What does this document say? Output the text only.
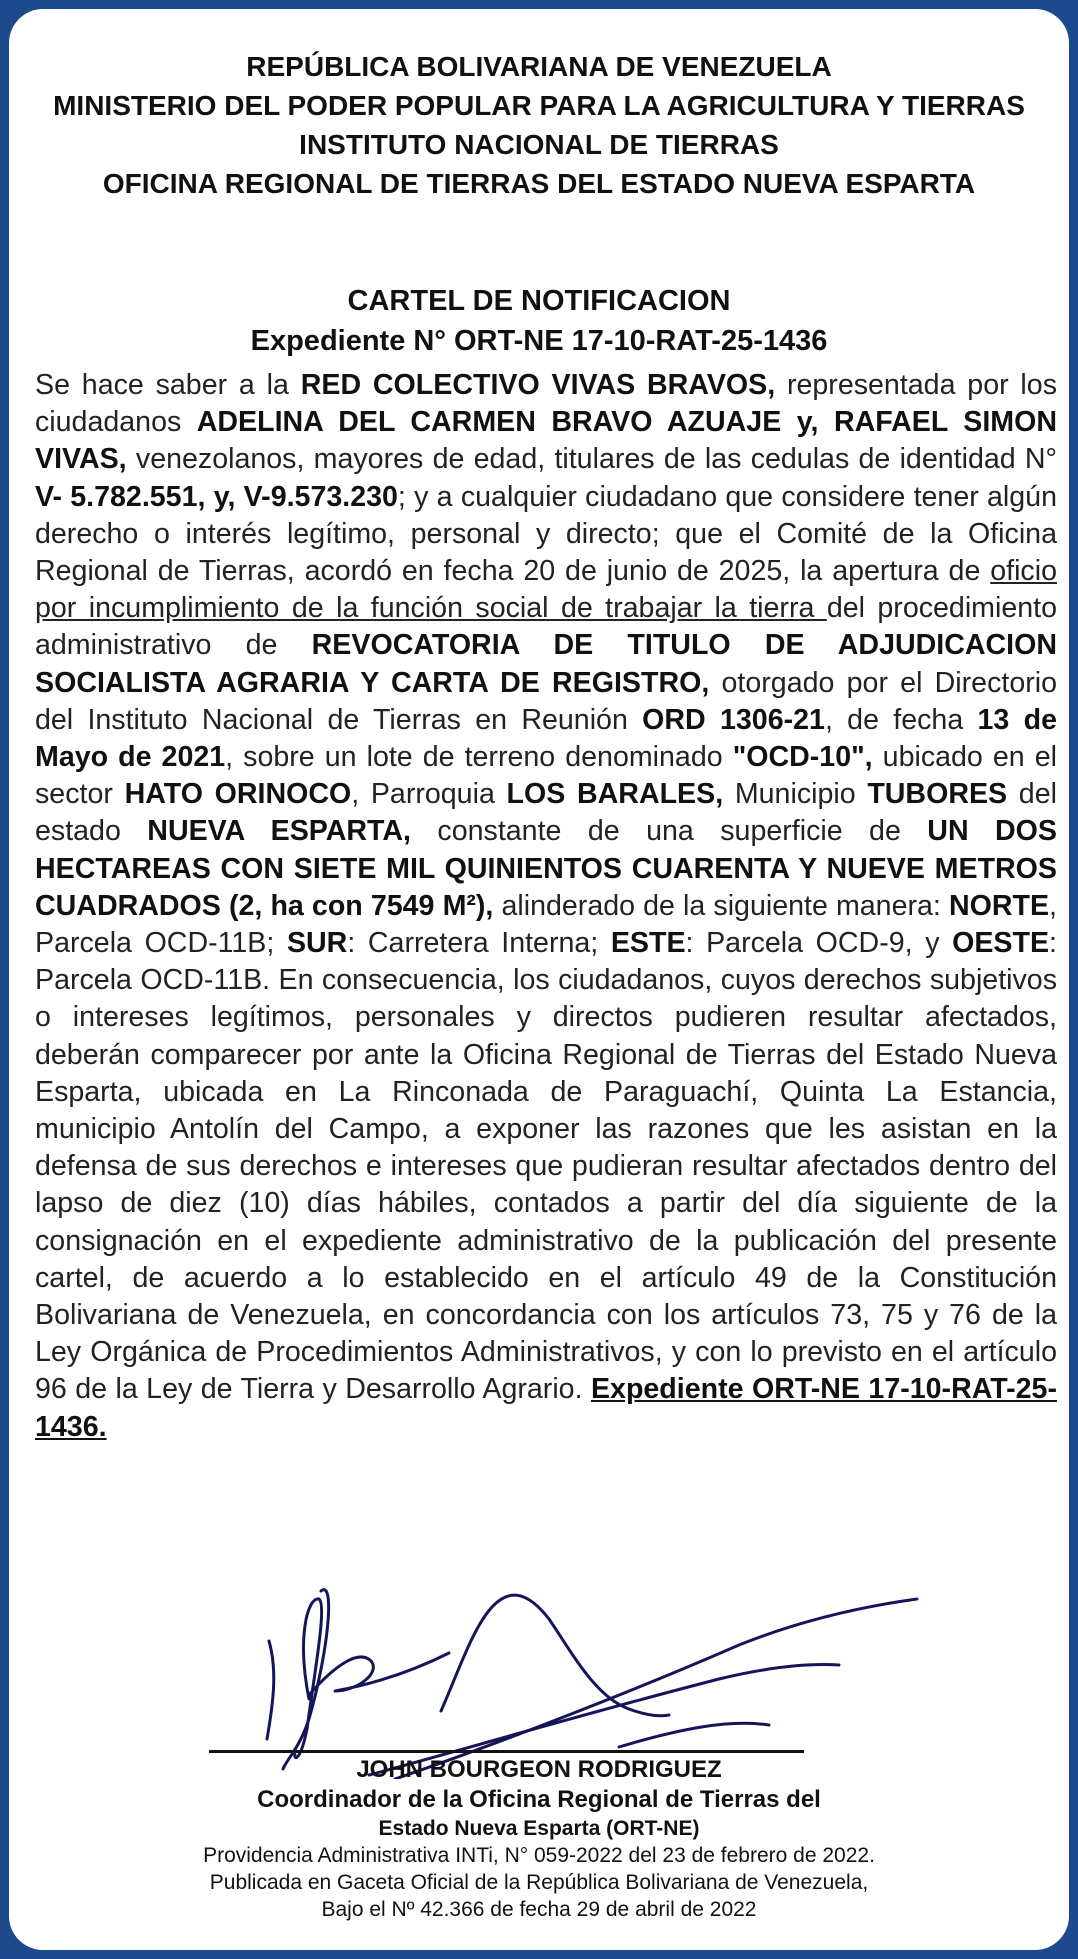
REPÚBLICA BOLIVARIANA DE VENEZUELA
MINISTERIO DEL PODER POPULAR PARA LA AGRICULTURA Y TIERRAS
INSTITUTO NACIONAL DE TIERRAS
OFICINA REGIONAL DE TIERRAS DEL ESTADO NUEVA ESPARTA
CARTEL DE NOTIFICACION
Expediente N° ORT-NE 17-10-RAT-25-1436
Se hace saber a la RED COLECTIVO VIVAS BRAVOS, representada por los ciudadanos ADELINA DEL CARMEN BRAVO AZUAJE y, RAFAEL SIMON VIVAS, venezolanos, mayores de edad, titulares de las cedulas de identidad N° V- 5.782.551, y, V-9.573.230; y a cualquier ciudadano que considere tener algún derecho o interés legítimo, personal y directo; que el Comité de la Oficina Regional de Tierras, acordó en fecha 20 de junio de 2025, la apertura de oficio por incumplimiento de la función social de trabajar la tierra del procedimiento administrativo de REVOCATORIA DE TITULO DE ADJUDICACION SOCIALISTA AGRARIA Y CARTA DE REGISTRO, otorgado por el Directorio del Instituto Nacional de Tierras en Reunión ORD 1306-21, de fecha 13 de Mayo de 2021, sobre un lote de terreno denominado "OCD-10", ubicado en el sector HATO ORINOCO, Parroquia LOS BARALES, Municipio TUBORES del estado NUEVA ESPARTA, constante de una superficie de UN DOS HECTAREAS CON SIETE MIL QUINIENTOS CUARENTA Y NUEVE METROS CUADRADOS (2, ha con 7549 M²), alinderado de la siguiente manera: NORTE, Parcela OCD-11B; SUR: Carretera Interna; ESTE: Parcela OCD-9, y OESTE: Parcela OCD-11B. En consecuencia, los ciudadanos, cuyos derechos subjetivos o intereses legítimos, personales y directos pudieren resultar afectados, deberán comparecer por ante la Oficina Regional de Tierras del Estado Nueva Esparta, ubicada en La Rinconada de Paraguachí, Quinta La Estancia, municipio Antolín del Campo, a exponer las razones que les asistan en la defensa de sus derechos e intereses que pudieran resultar afectados dentro del lapso de diez (10) días hábiles, contados a partir del día siguiente de la consignación en el expediente administrativo de la publicación del presente cartel, de acuerdo a lo establecido en el artículo 49 de la Constitución Bolivariana de Venezuela, en concordancia con los artículos 73, 75 y 76 de la Ley Orgánica de Procedimientos Administrativos, y con lo previsto en el artículo 96 de la Ley de Tierra y Desarrollo Agrario. Expediente ORT-NE 17-10-RAT-25-1436.
JOHN BOURGEON RODRIGUEZ
Coordinador de la Oficina Regional de Tierras del
Estado Nueva Esparta (ORT-NE)
Providencia Administrativa INTi, N° 059-2022 del 23 de febrero de 2022.
Publicada en Gaceta Oficial de la República Bolivariana de Venezuela,
Bajo el Nº 42.366 de fecha 29 de abril de 2022
